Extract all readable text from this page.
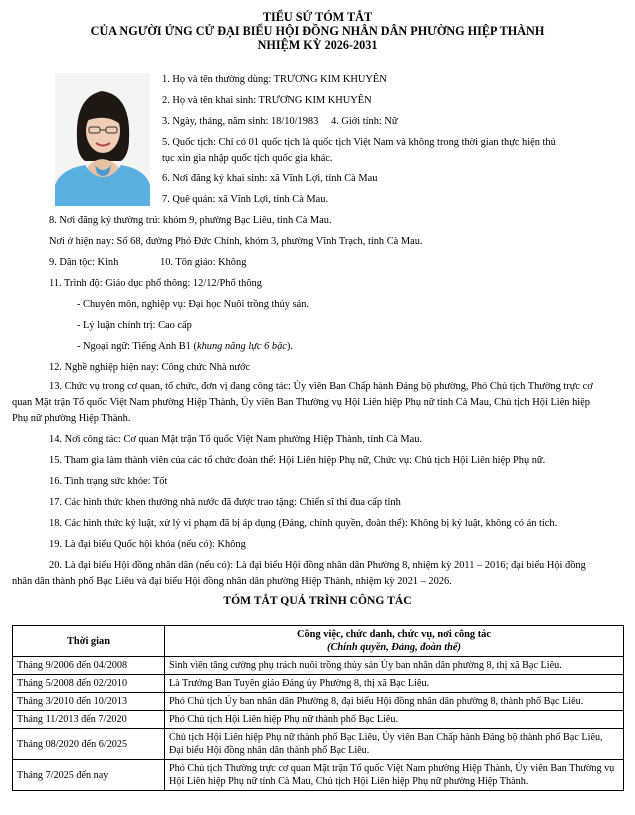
TIỂU SỬ TÓM TẮT
CỦA NGƯỜI ỨNG CỬ ĐẠI BIỂU HỘI ĐỒNG NHÂN DÂN PHƯỜNG HIỆP THÀNH
NHIỆM KỲ 2026-2031
1. Họ và tên thường dùng: TRƯƠNG KIM KHUYÊN
2. Họ và tên khai sinh: TRƯƠNG KIM KHUYÊN
3. Ngày, tháng, năm sinh: 18/10/1983 4. Giới tính: Nữ
5. Quốc tịch: Chỉ có 01 quốc tịch là quốc tịch Việt Nam và không trong thời gian thực hiện thủ
tục xin gia nhập quốc tịch quốc gia khác.
6. Nơi đăng ký khai sinh: xã Vĩnh Lợi, tỉnh Cà Mau
7. Quê quán: xã Vĩnh Lợi, tỉnh Cà Mau.
8. Nơi đăng ký thường trú: khóm 9, phường Bạc Liêu, tỉnh Cà Mau.
Nơi ở hiện nay: Số 68, đường Phó Đức Chính, khóm 3, phường Vĩnh Trạch, tỉnh Cà Mau.
9. Dân tộc: Kinh	10. Tôn giáo: Không
11. Trình độ: Giáo dục phổ thông: 12/12/Phổ thông
- Chuyên môn, nghiệp vụ: Đại học Nuôi trồng thủy sản.
- Lý luận chính trị: Cao cấp
- Ngoại ngữ: Tiếng Anh B1 (khung năng lực 6 bậc).
12. Nghề nghiệp hiện nay: Công chức Nhà nước
13. Chức vụ trong cơ quan, tổ chức, đơn vị đang công tác: Ủy viên Ban Chấp hành Đảng bộ phường, Phó Chủ tịch Thường trực cơ
quan Mặt trận Tổ quốc Việt Nam phường Hiệp Thành, Ủy viên Ban Thường vụ Hội Liên hiệp Phụ nữ tỉnh Cà Mau, Chủ tịch Hội Liên hiệp
Phụ nữ phường Hiệp Thành.
14. Nơi công tác: Cơ quan Mặt trận Tổ quốc Việt Nam phường Hiệp Thành, tỉnh Cà Mau.
15. Tham gia làm thành viên của các tổ chức đoàn thể: Hội Liên hiệp Phụ nữ, Chức vụ: Chủ tịch Hội Liên hiệp Phụ nữ.
16. Tình trạng sức khỏe: Tốt
17. Các hình thức khen thưởng nhà nước đã được trao tặng: Chiến sĩ thi đua cấp tỉnh
18. Các hình thức kỷ luật, xử lý vi phạm đã bị áp dụng (Đảng, chính quyền, đoàn thể): Không bị kỷ luật, không có án tích.
19. Là đại biểu Quốc hội khóa (nếu có): Không
20. Là đại biểu Hội đồng nhân dân (nếu có): Là đại biểu Hội đồng nhân dân Phường 8, nhiệm kỳ 2011 – 2016; đại biểu Hội đồng
nhân dân thành phố Bạc Liêu và đại biểu Hội đồng nhân dân phường Hiệp Thành, nhiệm kỳ 2021 – 2026.
TÓM TẮT QUÁ TRÌNH CÔNG TÁC
Thời gian	Công việc, chức danh, chức vụ, nơi công tác
(Chính quyền, Đảng, đoàn thể)

Tháng 9/2006 đến 04/2008	Sinh viên tăng cường phụ trách nuôi trồng thủy sản Ủy ban nhân dân phường 8, thị xã Bạc Liêu.
Tháng 5/2008 đến 02/2010	Là Trưởng Ban Tuyên giáo Đảng ủy Phường 8, thị xã Bạc Liêu.
Tháng 3/2010 đến 10/2013	Phó Chủ tịch Ủy ban nhân dân Phường 8, đại biểu Hội đồng nhân dân phường 8, thành phố Bạc Liêu.
Tháng 11/2013 đến 7/2020	Phó Chủ tịch Hội Liên hiệp Phụ nữ thành phố Bạc Liêu.
Tháng 08/2020 đến 6/2025	Chủ tịch Hội Liên hiệp Phụ nữ thành phố Bạc Liêu, Ủy viên Ban Chấp hành Đảng bộ thành phố Bạc Liêu, Đại biểu Hội đồng nhân dân thành phố Bạc Liêu.
Tháng 7/2025 đến nay	Phó Chủ tịch Thường trực cơ quan Mặt trận Tổ quốc Việt Nam phường Hiệp Thành, Ủy viên Ban Thường vụ Hội Liên hiệp Phụ nữ tỉnh Cà Mau, Chủ tịch Hội Liên hiệp Phụ nữ phường Hiệp Thành.
